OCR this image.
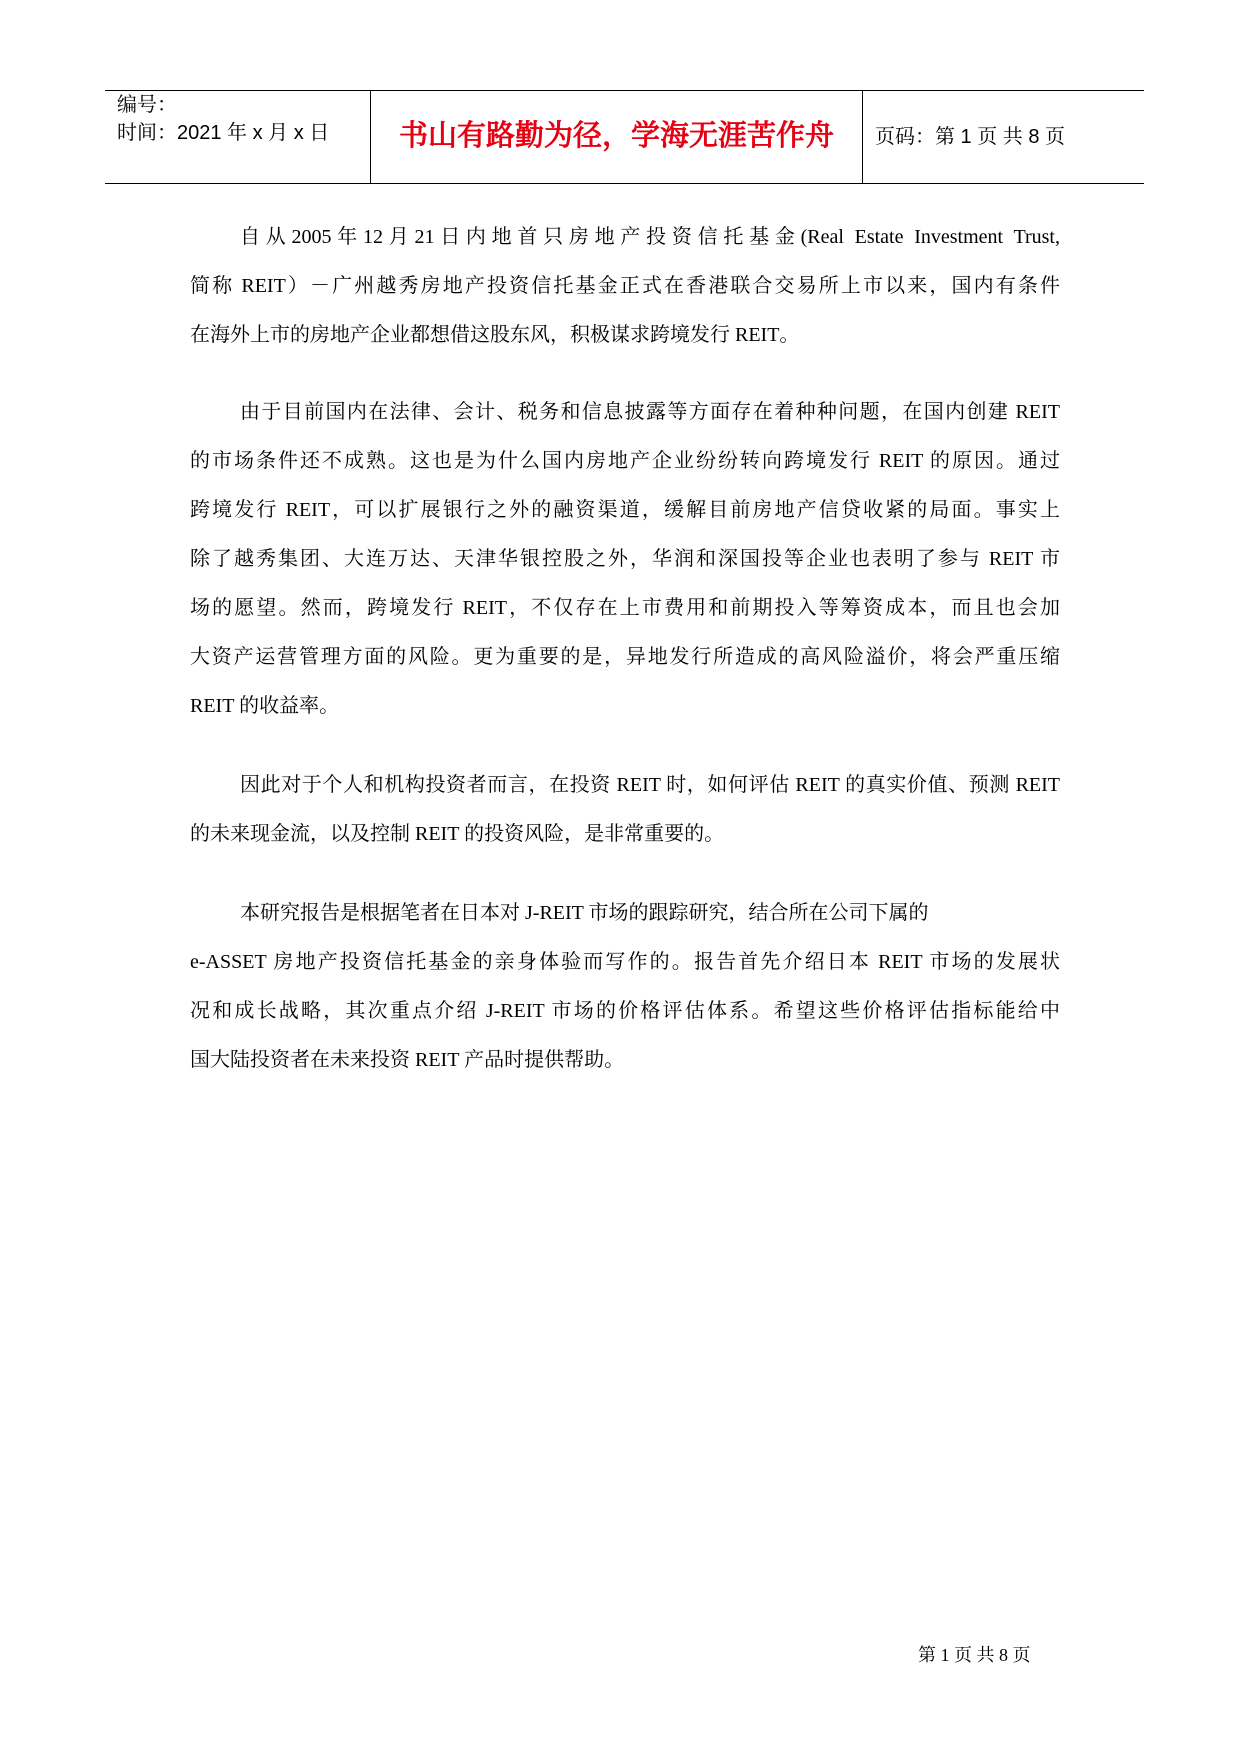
编号：
时间：2021 年 x 月 x 日	书山有路勤为径，学海无涯苦作舟	页码：第 1 页 共 8 页
自从2005年12月21日内地首只房地产投资信托基金(Real Estate Investment Trust,
简称 REIT）－广州越秀房地产投资信托基金正式在香港联合交易所上市以来，国内有条件
在海外上市的房地产企业都想借这股东风，积极谋求跨境发行 REIT。
由于目前国内在法律、会计、税务和信息披露等方面存在着种种问题，在国内创建 REIT
的市场条件还不成熟。这也是为什么国内房地产企业纷纷转向跨境发行 REIT 的原因。通过
跨境发行 REIT，可以扩展银行之外的融资渠道，缓解目前房地产信贷收紧的局面。事实上
除了越秀集团、大连万达、天津华银控股之外，华润和深国投等企业也表明了参与 REIT 市
场的愿望。然而，跨境发行 REIT，不仅存在上市费用和前期投入等筹资成本，而且也会加
大资产运营管理方面的风险。更为重要的是，异地发行所造成的高风险溢价，将会严重压缩
REIT 的收益率。
因此对于个人和机构投资者而言，在投资 REIT 时，如何评估 REIT 的真实价值、预测 REIT
的未来现金流，以及控制 REIT 的投资风险，是非常重要的。
本研究报告是根据笔者在日本对 J-REIT 市场的跟踪研究，结合所在公司下属的
e-ASSET 房地产投资信托基金的亲身体验而写作的。报告首先介绍日本 REIT 市场的发展状
况和成长战略，其次重点介绍 J-REIT 市场的价格评估体系。希望这些价格评估指标能给中
国大陆投资者在未来投资 REIT 产品时提供帮助。
第 1 页 共 8 页
